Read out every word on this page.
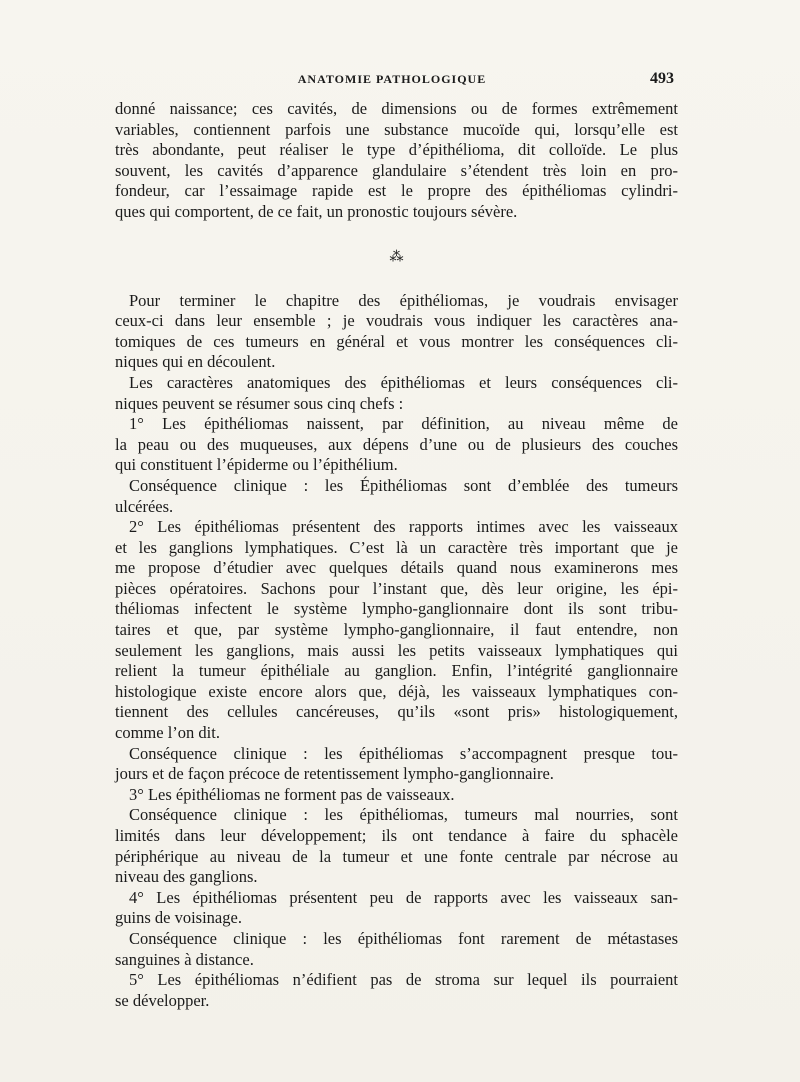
ANATOMIE PATHOLOGIQUE	493
donné naissance; ces cavités, de dimensions ou de formes extrêmement
variables, contiennent parfois une substance mucoïde qui, lorsqu’elle est
très abondante, peut réaliser le type d’épithélioma, dit colloïde. Le plus
souvent, les cavités d’apparence glandulaire s’étendent très loin en pro-
fondeur, car l’essaimage rapide est le propre des épithéliomas cylindri-
ques qui comportent, de ce fait, un pronostic toujours sévère.
⁂
Pour terminer le chapitre des épithéliomas, je voudrais envisager
ceux-ci dans leur ensemble ; je voudrais vous indiquer les caractères ana-
tomiques de ces tumeurs en général et vous montrer les conséquences cli-
niques qui en découlent.
Les caractères anatomiques des épithéliomas et leurs conséquences cli-
niques peuvent se résumer sous cinq chefs :
1° Les épithéliomas naissent, par définition, au niveau même de
la peau ou des muqueuses, aux dépens d’une ou de plusieurs des couches
qui constituent l’épiderme ou l’épithélium.
Conséquence clinique : les Épithéliomas sont d’emblée des tumeurs
ulcérées.
2° Les épithéliomas présentent des rapports intimes avec les vaisseaux
et les ganglions lymphatiques. C’est là un caractère très important que je
me propose d’étudier avec quelques détails quand nous examinerons mes
pièces opératoires. Sachons pour l’instant que, dès leur origine, les épi-
théliomas infectent le système lympho-ganglionnaire dont ils sont tribu-
taires et que, par système lympho-ganglionnaire, il faut entendre, non
seulement les ganglions, mais aussi les petits vaisseaux lymphatiques qui
relient la tumeur épithéliale au ganglion. Enfin, l’intégrité ganglionnaire
histologique existe encore alors que, déjà, les vaisseaux lymphatiques con-
tiennent des cellules cancéreuses, qu’ils «sont pris» histologiquement,
comme l’on dit.
Conséquence clinique : les épithéliomas s’accompagnent presque tou-
jours et de façon précoce de retentissement lympho-ganglionnaire.
3° Les épithéliomas ne forment pas de vaisseaux.
Conséquence clinique : les épithéliomas, tumeurs mal nourries, sont
limités dans leur développement; ils ont tendance à faire du sphacèle
périphérique au niveau de la tumeur et une fonte centrale par nécrose au
niveau des ganglions.
4° Les épithéliomas présentent peu de rapports avec les vaisseaux san-
guins de voisinage.
Conséquence clinique : les épithéliomas font rarement de métastases
sanguines à distance.
5° Les épithéliomas n’édifient pas de stroma sur lequel ils pourraient
se développer.
